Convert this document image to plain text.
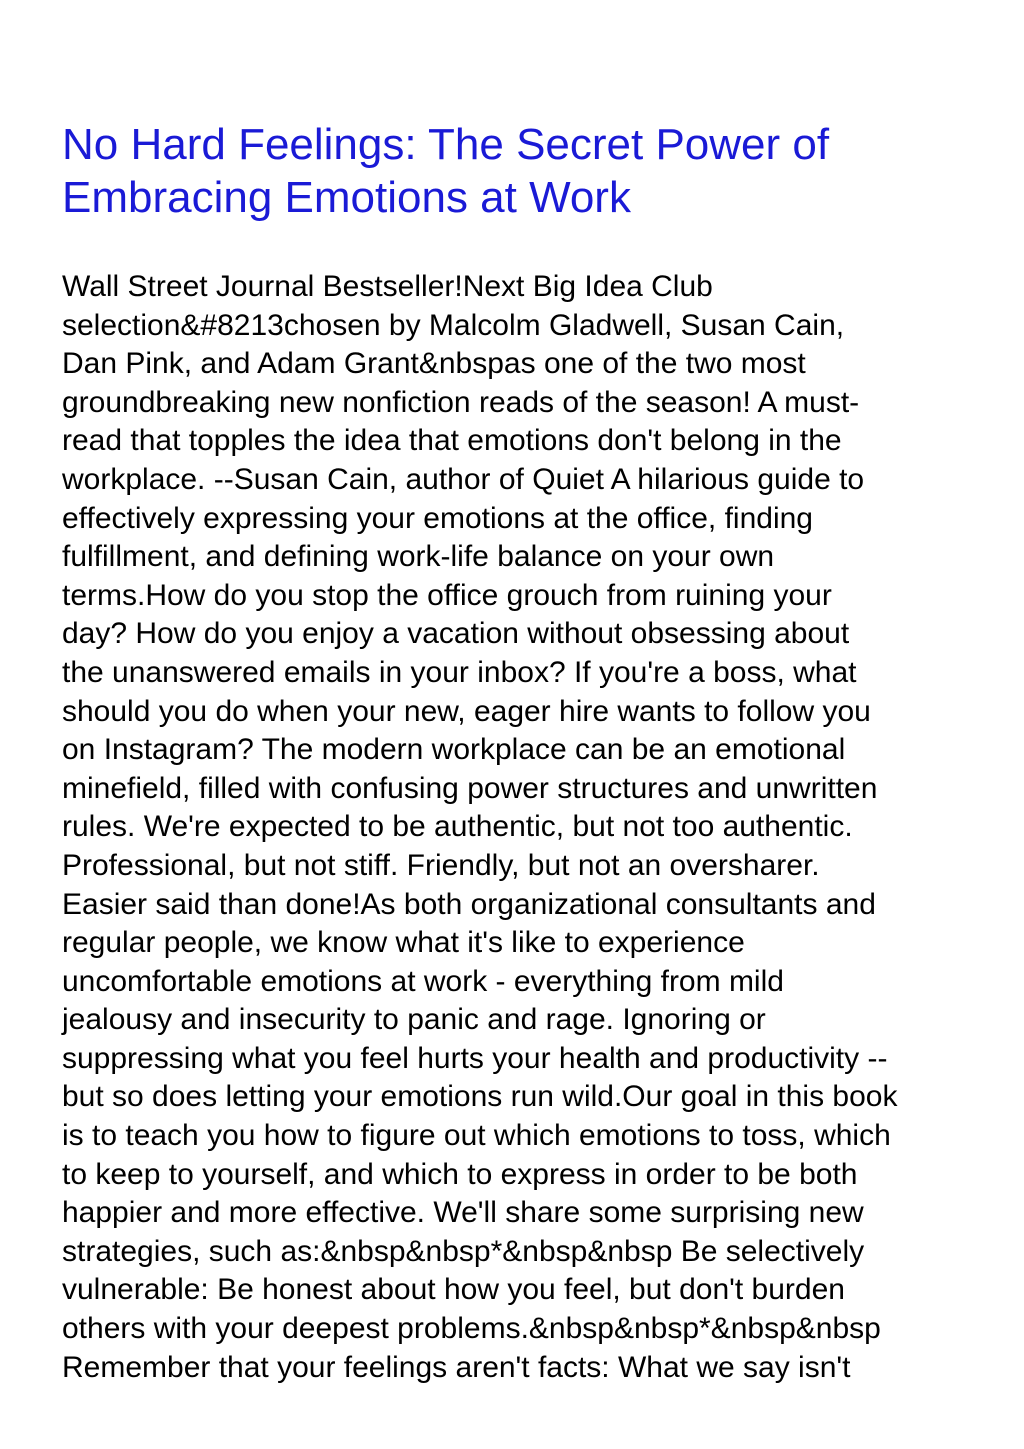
No Hard Feelings: The Secret Power of
Embracing Emotions at Work
Wall Street Journal Bestseller!Next Big Idea Club
selection&#8213chosen by Malcolm Gladwell, Susan Cain,
Dan Pink, and Adam Grant&nbspas one of the two most
groundbreaking new nonfiction reads of the season! A must-
read that topples the idea that emotions don't belong in the
workplace. --Susan Cain, author of Quiet A hilarious guide to
effectively expressing your emotions at the office, finding
fulfillment, and defining work-life balance on your own
terms.How do you stop the office grouch from ruining your
day? How do you enjoy a vacation without obsessing about
the unanswered emails in your inbox? If you're a boss, what
should you do when your new, eager hire wants to follow you
on Instagram? The modern workplace can be an emotional
minefield, filled with confusing power structures and unwritten
rules. We're expected to be authentic, but not too authentic.
Professional, but not stiff. Friendly, but not an oversharer.
Easier said than done!As both organizational consultants and
regular people, we know what it's like to experience
uncomfortable emotions at work - everything from mild
jealousy and insecurity to panic and rage. Ignoring or
suppressing what you feel hurts your health and productivity --
but so does letting your emotions run wild.Our goal in this book
is to teach you how to figure out which emotions to toss, which
to keep to yourself, and which to express in order to be both
happier and more effective. We'll share some surprising new
strategies, such as:&nbsp&nbsp*&nbsp&nbsp Be selectively
vulnerable: Be honest about how you feel, but don't burden
others with your deepest problems.&nbsp&nbsp*&nbsp&nbsp
Remember that your feelings aren't facts: What we say isn't
